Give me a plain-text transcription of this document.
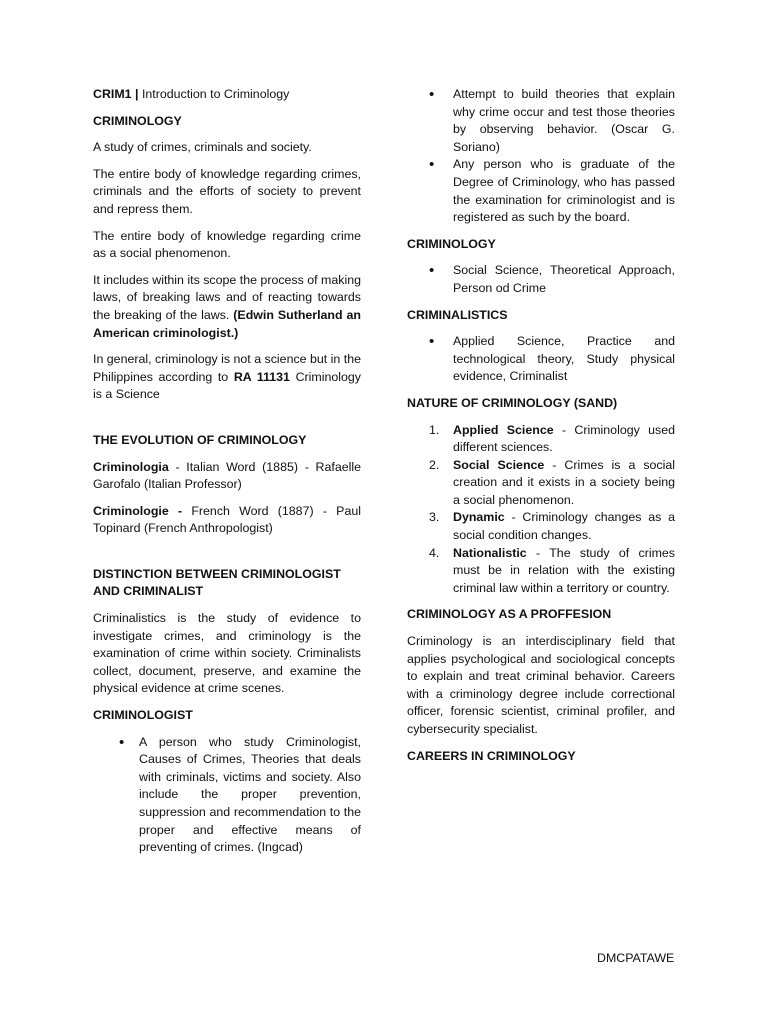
CRIM1 | Introduction to Criminology

CRIMINOLOGY

A study of crimes, criminals and society.

The entire body of knowledge regarding crimes, criminals and the efforts of society to prevent and repress them.

The entire body of knowledge regarding crime as a social phenomenon.

It includes within its scope the process of making laws, of breaking laws and of reacting towards the breaking of the laws. (Edwin Sutherland an American criminologist.)

In general, criminology is not a science but in the Philippines according to RA 11131 Criminology is a Science

THE EVOLUTION OF CRIMINOLOGY

Criminologia - Italian Word (1885) - Rafaelle Garofalo (Italian Professor)

Criminologie - French Word (1887) - Paul Topinard (French Anthropologist)

DISTINCTION BETWEEN CRIMINOLOGIST AND CRIMINALIST

Criminalistics is the study of evidence to investigate crimes, and criminology is the examination of crime within society. Criminalists collect, document, preserve, and examine the physical evidence at crime scenes.

CRIMINOLOGIST
• A person who study Criminologist, Causes of Crimes, Theories that deals with criminals, victims and society. Also include the proper prevention, suppression and recommendation to the proper and effective means of preventing of crimes. (Ingcad)
• Attempt to build theories that explain why crime occur and test those theories by observing behavior. (Oscar G. Soriano)
• Any person who is graduate of the Degree of Criminology, who has passed the examination for criminologist and is registered as such by the board.
CRIMINOLOGY
• Social Science, Theoretical Approach, Person od Crime
CRIMINALISTICS
• Applied Science, Practice and technological theory, Study physical evidence, Criminalist
NATURE OF CRIMINOLOGY (SAND)
1. Applied Science - Criminology used different sciences.
2. Social Science - Crimes is a social creation and it exists in a society being a social phenomenon.
3. Dynamic - Criminology changes as a social condition changes.
4. Nationalistic - The study of crimes must be in relation with the existing criminal law within a territory or country.
CRIMINOLOGY AS A PROFFESION

Criminology is an interdisciplinary field that applies psychological and sociological concepts to explain and treat criminal behavior. Careers with a criminology degree include correctional officer, forensic scientist, criminal profiler, and cybersecurity specialist.

CAREERS IN CRIMINOLOGY
DMCPATAWE
